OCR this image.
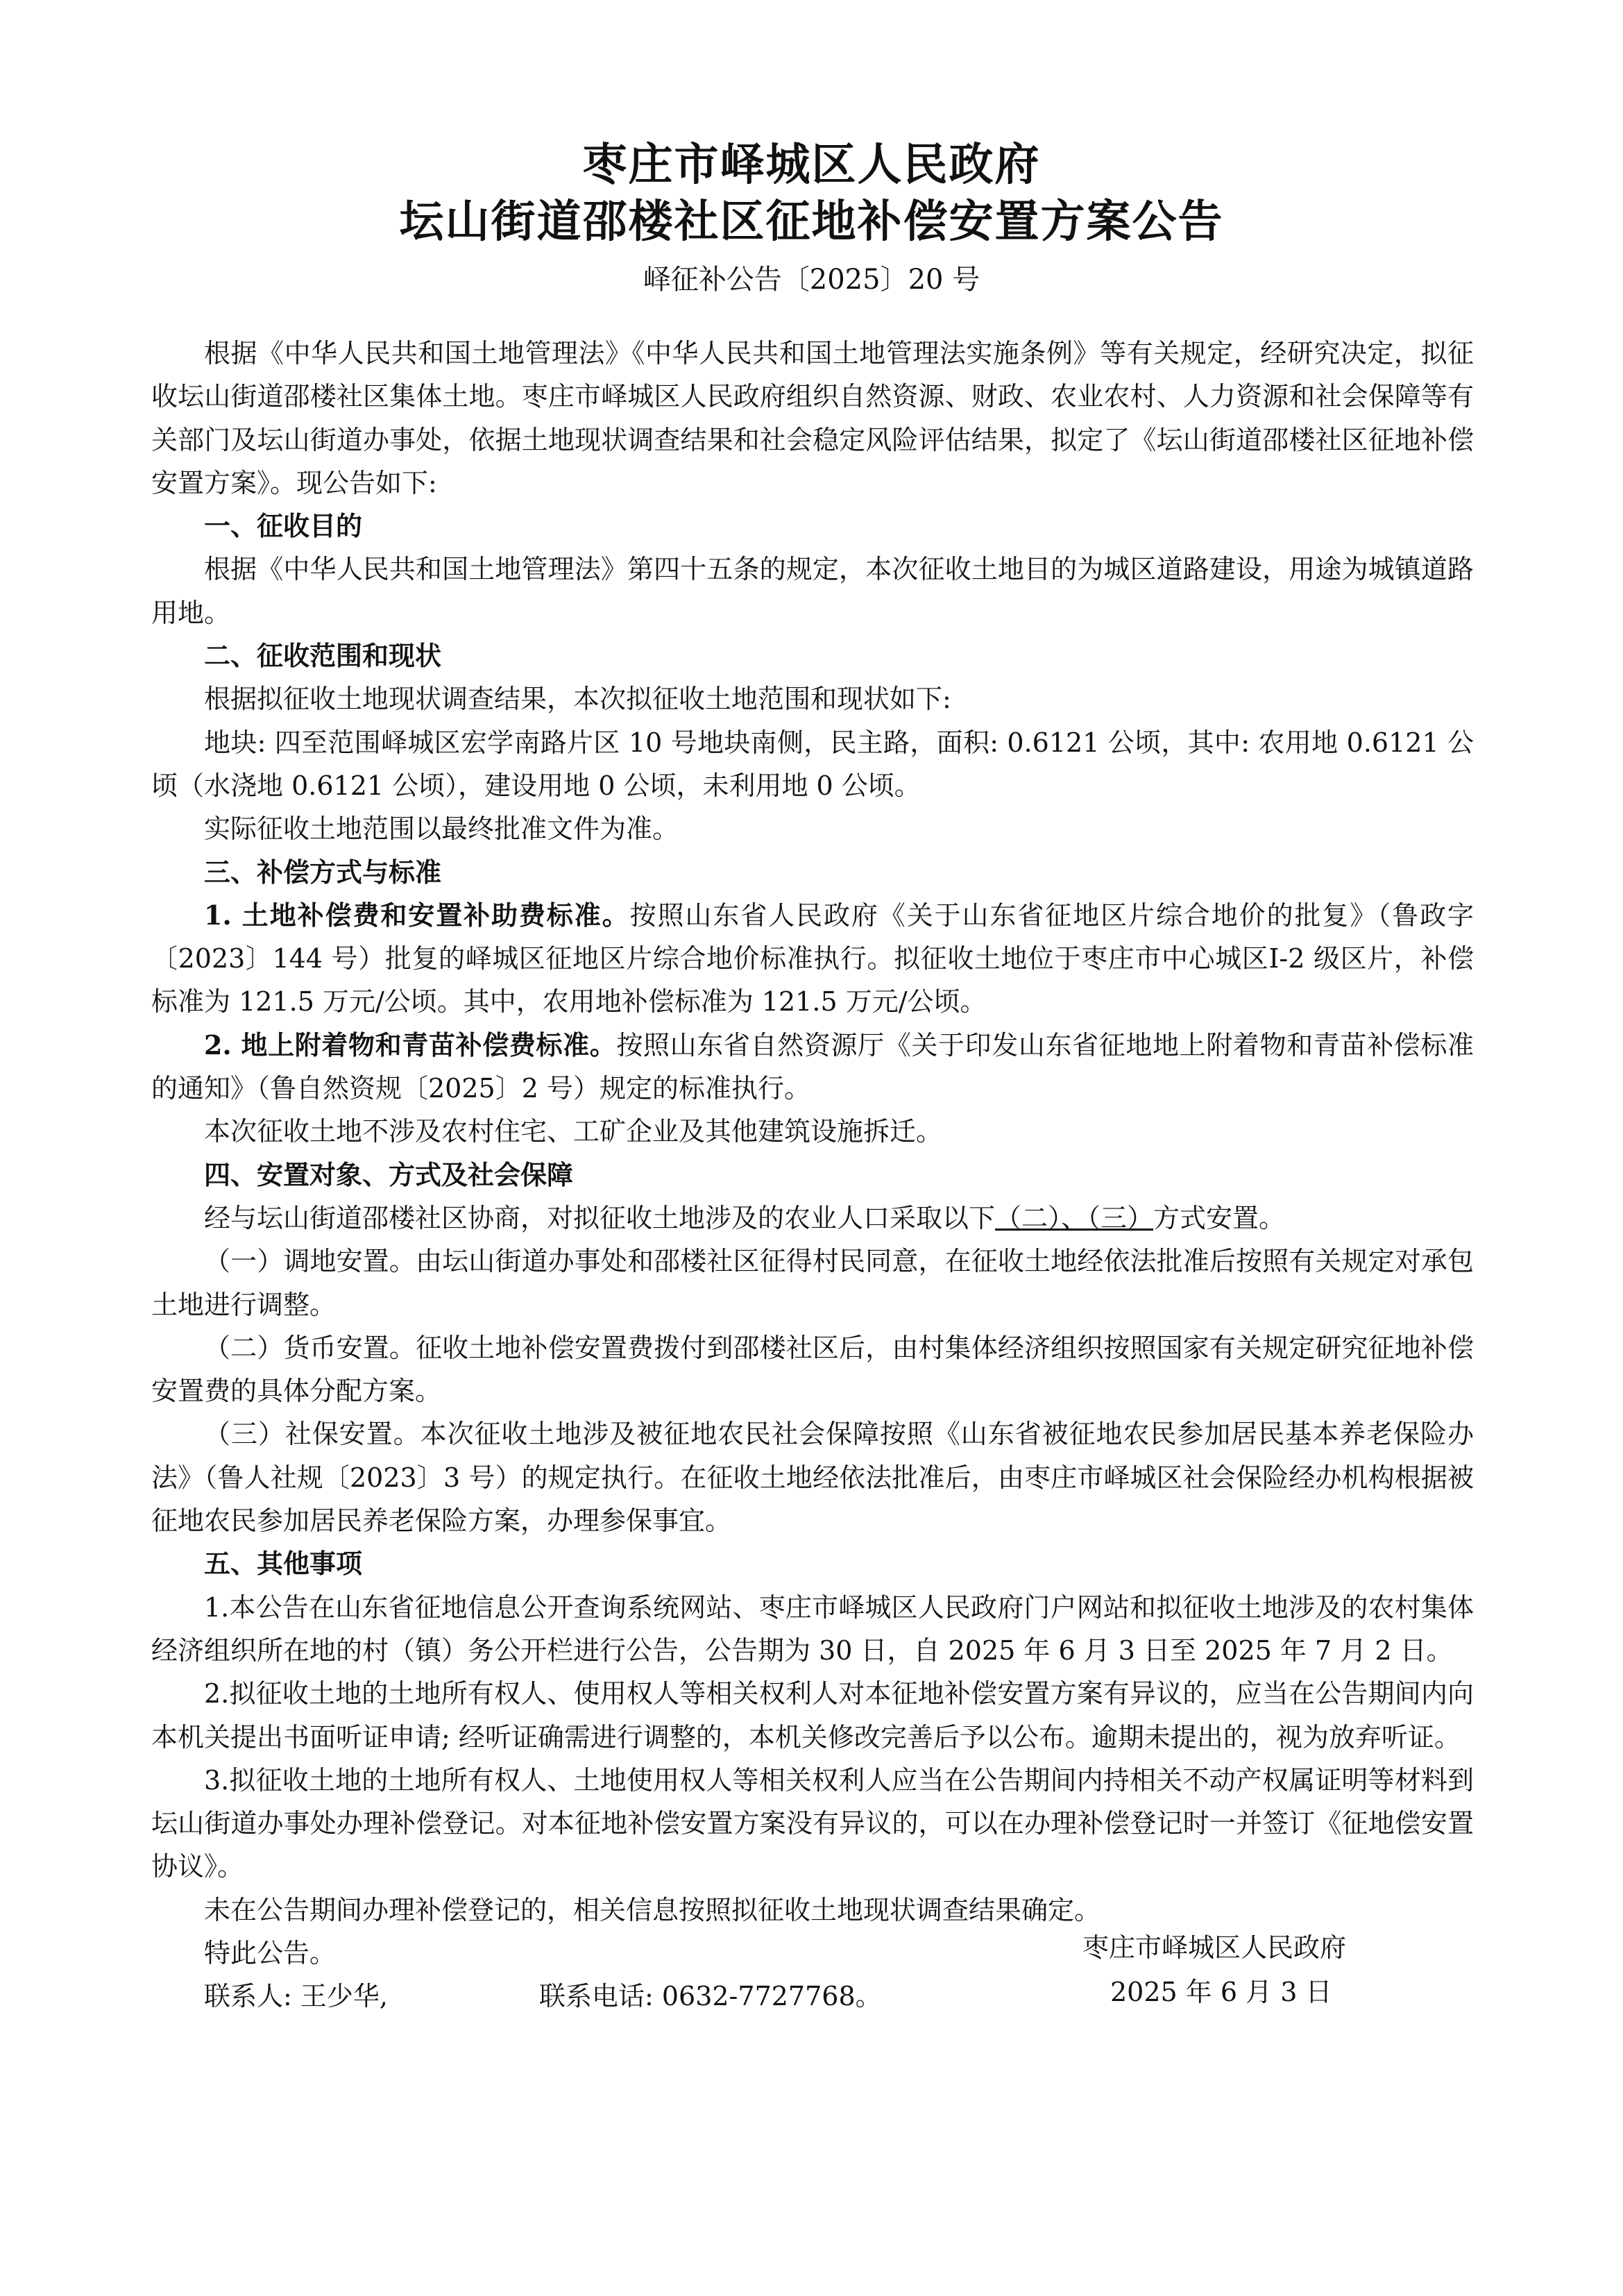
枣庄市峄城区人民政府
坛山街道邵楼社区征地补偿安置方案公告
峄征补公告〔2025〕20 号

根据《中华人民共和国土地管理法》《中华人民共和国土地管理法实施条例》等有关规定，经研究决定，拟征收坛山街道邵楼社区集体土地。枣庄市峄城区人民政府组织自然资源、财政、农业农村、人力资源和社会保障等有关部门及坛山街道办事处，依据土地现状调查结果和社会稳定风险评估结果，拟定了《坛山街道邵楼社区征地补偿安置方案》。现公告如下:

一、征收目的

根据《中华人民共和国土地管理法》第四十五条的规定，本次征收土地目的为城区道路建设，用途为城镇道路用地。

二、征收范围和现状

根据拟征收土地现状调查结果，本次拟征收土地范围和现状如下:

地块: 四至范围峄城区宏学南路片区 10 号地块南侧，民主路，面积: 0.6121 公顷，其中: 农用地 0.6121 公顷（水浇地 0.6121 公顷），建设用地 0 公顷，未利用地 0 公顷。

实际征收土地范围以最终批准文件为准。

三、补偿方式与标准

1. 土地补偿费和安置补助费标准。按照山东省人民政府《关于山东省征地区片综合地价的批复》（鲁政字〔2023〕144 号）批复的峄城区征地区片综合地价标准执行。拟征收土地位于枣庄市中心城区I-2 级区片，补偿标准为 121.5 万元/公顷。其中，农用地补偿标准为 121.5 万元/公顷。

2. 地上附着物和青苗补偿费标准。按照山东省自然资源厅《关于印发山东省征地地上附着物和青苗补偿标准的通知》（鲁自然资规〔2025〕2 号）规定的标准执行。

本次征收土地不涉及农村住宅、工矿企业及其他建筑设施拆迁。

四、安置对象、方式及社会保障

经与坛山街道邵楼社区协商，对拟征收土地涉及的农业人口采取以下（二）、（三）方式安置。

（一）调地安置。由坛山街道办事处和邵楼社区征得村民同意，在征收土地经依法批准后按照有关规定对承包土地进行调整。

（二）货币安置。征收土地补偿安置费拨付到邵楼社区后，由村集体经济组织按照国家有关规定研究征地补偿安置费的具体分配方案。

（三）社保安置。本次征收土地涉及被征地农民社会保障按照《山东省被征地农民参加居民基本养老保险办法》（鲁人社规〔2023〕3 号）的规定执行。在征收土地经依法批准后，由枣庄市峄城区社会保险经办机构根据被征地农民参加居民养老保险方案，办理参保事宜。

五、其他事项

1.本公告在山东省征地信息公开查询系统网站、枣庄市峄城区人民政府门户网站和拟征收土地涉及的农村集体经济组织所在地的村（镇）务公开栏进行公告，公告期为 30 日，自 2025 年 6 月 3 日至 2025 年 7 月 2 日。

2.拟征收土地的土地所有权人、使用权人等相关权利人对本征地补偿安置方案有异议的，应当在公告期间内向本机关提出书面听证申请; 经听证确需进行调整的，本机关修改完善后予以公布。逾期未提出的，视为放弃听证。

3.拟征收土地的土地所有权人、土地使用权人等相关权利人应当在公告期间内持相关不动产权属证明等材料到坛山街道办事处办理补偿登记。对本征地补偿安置方案没有异议的，可以在办理补偿登记时一并签订《征地偿安置协议》。

未在公告期间办理补偿登记的，相关信息按照拟征收土地现状调查结果确定。

特此公告。

联系人: 王少华,	联系电话: 0632-7727768。

枣庄市峄城区人民政府
2025 年 6 月 3 日
